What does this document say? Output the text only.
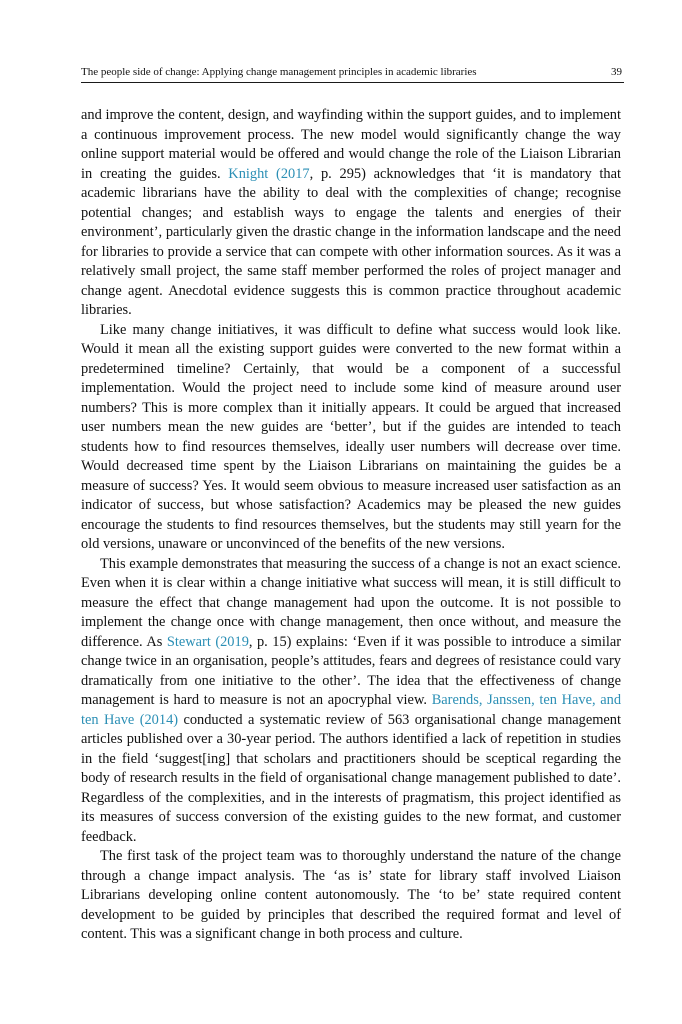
The people side of change: Applying change management principles in academic libraries	39

and improve the content, design, and wayfinding within the support guides, and to implement a continuous improvement process. The new model would significantly change the way online support material would be offered and would change the role of the Liaison Librarian in creating the guides. Knight (2017, p. 295) acknowledges that ‘it is mandatory that academic librarians have the ability to deal with the complexities of change; recognise potential changes; and establish ways to engage the talents and energies of their environment’, particularly given the drastic change in the information landscape and the need for libraries to provide a service that can compete with other information sources. As it was a relatively small project, the same staff member performed the roles of project manager and change agent. Anecdotal evidence suggests this is common practice throughout academic libraries.

Like many change initiatives, it was difficult to define what success would look like. Would it mean all the existing support guides were converted to the new format within a predetermined timeline? Certainly, that would be a component of a successful implementation. Would the project need to include some kind of measure around user numbers? This is more complex than it initially appears. It could be argued that increased user numbers mean the new guides are ‘better’, but if the guides are intended to teach students how to find resources themselves, ideally user numbers will decrease over time. Would decreased time spent by the Liaison Librarians on maintaining the guides be a measure of success? Yes. It would seem obvious to measure increased user satisfaction as an indicator of success, but whose satisfaction? Academics may be pleased the new guides encourage the students to find resources themselves, but the students may still yearn for the old versions, unaware or unconvinced of the benefits of the new versions.

This example demonstrates that measuring the success of a change is not an exact science. Even when it is clear within a change initiative what success will mean, it is still difficult to measure the effect that change management had upon the outcome. It is not possible to implement the change once with change management, then once without, and measure the difference. As Stewart (2019, p. 15) explains: ‘Even if it was possible to introduce a similar change twice in an organisation, people’s attitudes, fears and degrees of resistance could vary dramatically from one initiative to the other’. The idea that the effectiveness of change management is hard to measure is not an apocryphal view. Barends, Janssen, ten Have, and ten Have (2014) conducted a systematic review of 563 organisational change management articles published over a 30-year period. The authors identified a lack of repetition in studies in the field ‘suggest[ing] that scholars and practitioners should be sceptical regarding the body of research results in the field of organisational change management published to date’. Regardless of the complexities, and in the interests of pragmatism, this project identified as its measures of success conversion of the existing guides to the new format, and customer feedback.

The first task of the project team was to thoroughly understand the nature of the change through a change impact analysis. The ‘as is’ state for library staff involved Liaison Librarians developing online content autonomously. The ‘to be’ state required content development to be guided by principles that described the required format and level of content. This was a significant change in both process and culture.
